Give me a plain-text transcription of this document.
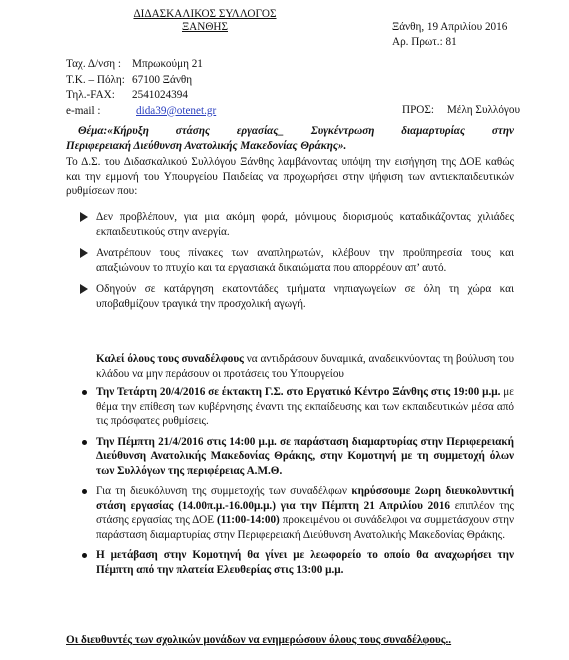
ΔΙΔΑΣΚΑΛΙΚΟΣ ΣΥΛΛΟΓΟΣ
ΞΑΝΘΗΣ	Ξάνθη, 19 Απριλίου 2016
Αρ. Πρωτ.: 81
Ταχ. Δ/νση : Μπρωκούμη 21
Τ.Κ. – Πόλη: 67100 Ξάνθη
Τηλ.-FAX:	2541024394
e-mail :	dida39@otenet.gr	ΠΡΟΣ: Μέλη Συλλόγου
Θέμα:«Κήρυξη στάσης εργασίας_ Συγκέντρωση διαμαρτυρίας στην
Περιφερειακή Διεύθυνση Ανατολικής Μακεδονίας Θράκης».
Το Δ.Σ. του Διδασκαλικού Συλλόγου Ξάνθης λαμβάνοντας υπόψη την εισήγηση της ΔΟΕ καθώς και την εμμονή του Υπουργείου Παιδείας να προχωρήσει στην ψήφιση των αντιεκπαιδευτικών ρυθμίσεων που:
Δεν προβλέπουν, για μια ακόμη φορά, μόνιμους διορισμούς καταδικάζοντας χιλιάδες εκπαιδευτικούς στην ανεργία.
Ανατρέπουν τους πίνακες των αναπληρωτών, κλέβουν την προϋπηρεσία τους και απαξιώνουν το πτυχίο και τα εργασιακά δικαιώματα που απορρέουν απ’ αυτό.
Οδηγούν σε κατάργηση εκατοντάδες τμήματα νηπιαγωγείων σε όλη τη χώρα και υποβαθμίζουν τραγικά την προσχολική αγωγή.
Καλεί όλους τους συναδέλφους να αντιδράσουν δυναμικά, αναδεικνύοντας τη βούλυση του κλάδου να μην περάσουν οι προτάσεις του Υπουργείου
Την Τετάρτη 20/4/2016 σε έκτακτη Γ.Σ. στο Εργατικό Κέντρο Ξάνθης στις 19:00 μ.μ. με θέμα την επίθεση των κυβέρνησης έναντι της εκπαίδευσης και των εκπαιδευτικών μέσα από τις πρόσφατες ρυθμίσεις.
Την Πέμπτη 21/4/2016 στις 14:00 μ.μ. σε παράσταση διαμαρτυρίας στην Περιφερειακή Διεύθυνση Ανατολικής Μακεδονίας Θράκης, στην Κομοτηνή με τη συμμετοχή όλων των Συλλόγων της περιφέρειας Α.Μ.Θ.
Για τη διευκόλυνση της συμμετοχής των συναδέλφων κηρύσσουμε 2ωρη διευκολυντική στάση εργασίας (14.00π.μ.-16.00μ.μ.) για την Πέμπτη 21 Απριλίου 2016 επιπλέον της στάσης εργασίας της ΔΟΕ (11:00-14:00) προκειμένου οι συνάδελφοι να συμμετάσχουν στην παράσταση διαμαρτυρίας στην Περιφερειακή Διεύθυνση Ανατολικής Μακεδονίας Θράκης.
Η μετάβαση στην Κομοτηνή θα γίνει με λεωφορείο το οποίο θα αναχωρήσει την Πέμπτη από την πλατεία Ελευθερίας στις 13:00 μ.μ.
Οι διευθυντές των σχολικών μονάδων να ενημερώσουν όλους τους συναδέλφους..
